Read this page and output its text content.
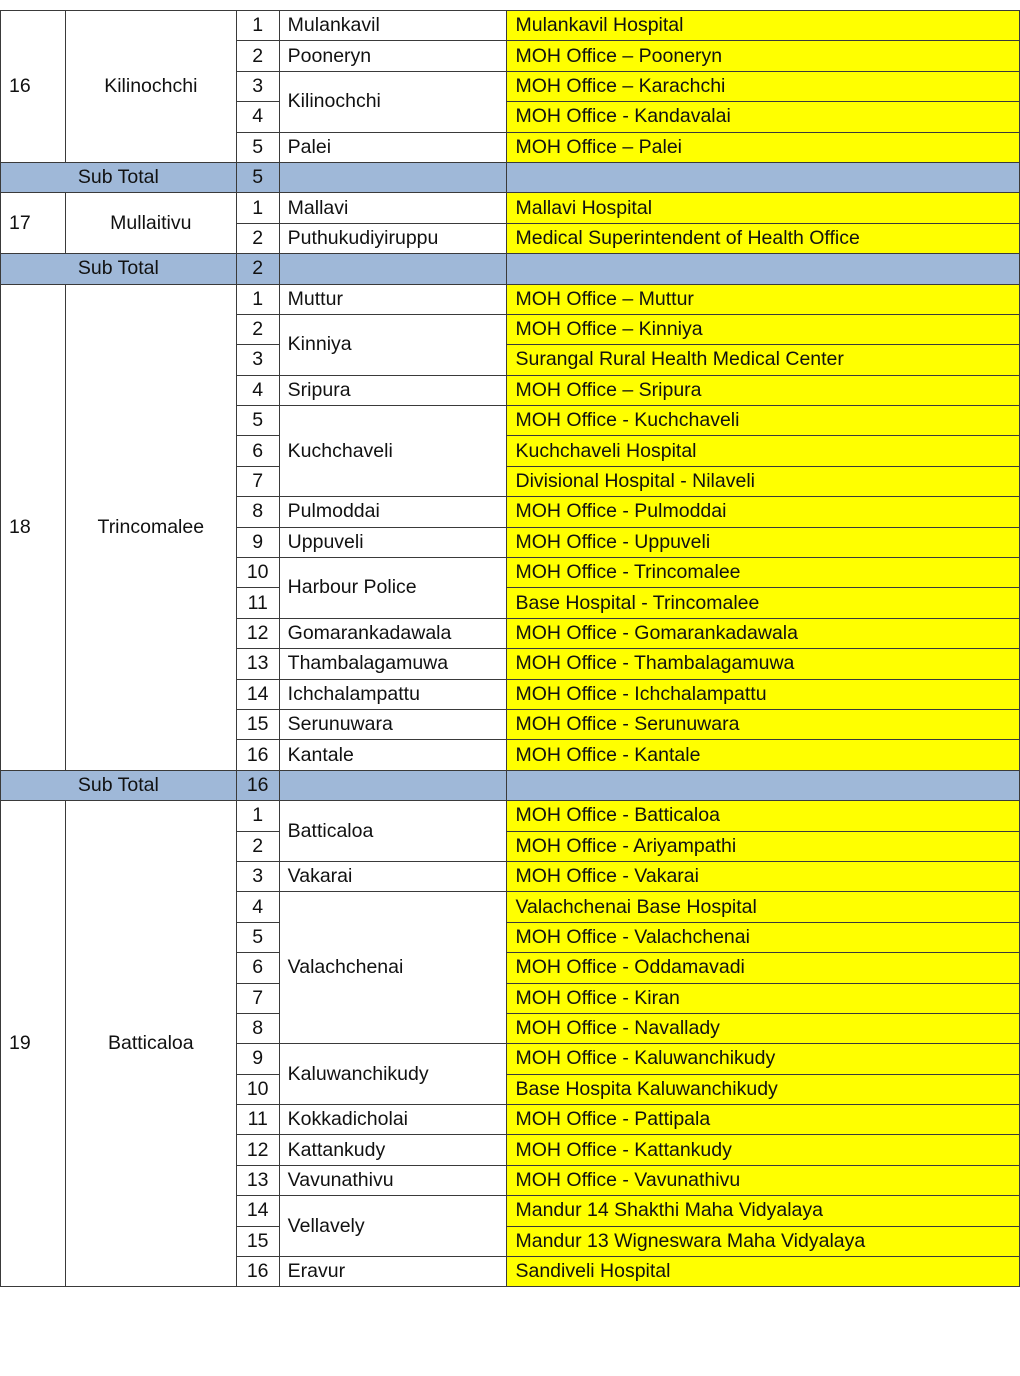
16	Kilinochchi	1	Mulankavil	Mulankavil Hospital
		2	Pooneryn	MOH Office – Pooneryn
		3	Kilinochchi	MOH Office – Karachchi
		4		MOH Office - Kandavalai
		5	Palei	MOH Office – Palei
Sub Total		5		
17	Mullaitivu	1	Mallavi	Mallavi Hospital
		2	Puthukudiyiruppu	Medical Superintendent of Health Office
Sub Total		2		
18	Trincomalee	1	Muttur	MOH Office – Muttur
		2	Kinniya	MOH Office – Kinniya
		3		Surangal Rural Health Medical Center
		4	Sripura	MOH Office – Sripura
		5	Kuchchaveli	MOH Office - Kuchchaveli
		6		Kuchchaveli Hospital
		7		Divisional Hospital - Nilaveli
		8	Pulmoddai	MOH Office - Pulmoddai
		9	Uppuveli	MOH Office - Uppuveli
		10	Harbour Police	MOH Office - Trincomalee
		11		Base Hospital - Trincomalee
		12	Gomarankadawala	MOH Office - Gomarankadawala
		13	Thambalagamuwa	MOH Office - Thambalagamuwa
		14	Ichchalampattu	MOH Office - Ichchalampattu
		15	Serunuwara	MOH Office - Serunuwara
		16	Kantale	MOH Office - Kantale
Sub Total		16		
19	Batticaloa	1	Batticaloa	MOH Office - Batticaloa
		2		MOH Office - Ariyampathi
		3	Vakarai	MOH Office - Vakarai
		4	Valachchenai	Valachchenai Base Hospital
		5		MOH Office - Valachchenai
		6		MOH Office - Oddamavadi
		7		MOH Office - Kiran
		8		MOH Office - Navallady
		9	Kaluwanchikudy	MOH Office - Kaluwanchikudy
		10		Base Hospita Kaluwanchikudy
		11	Kokkadicholai	MOH Office - Pattipala
		12	Kattankudy	MOH Office - Kattankudy
		13	Vavunathivu	MOH Office - Vavunathivu
		14	Vellavely	Mandur 14 Shakthi Maha Vidyalaya
		15		Mandur 13 Wigneswara Maha Vidyalaya
		16	Eravur	Sandiveli Hospital
